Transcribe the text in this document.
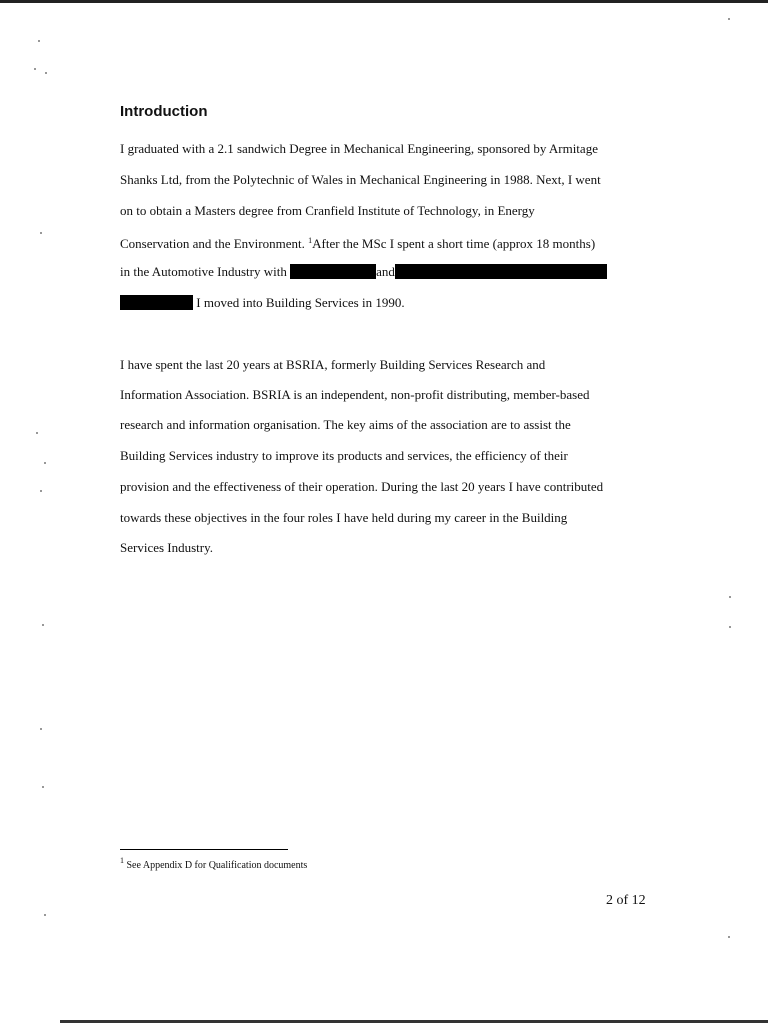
Introduction
I graduated with a 2.1 sandwich Degree in Mechanical Engineering, sponsored by Armitage
Shanks Ltd, from the Polytechnic of Wales in Mechanical Engineering in 1988. Next, I went
on to obtain a Masters degree from Cranfield Institute of Technology, in Energy
Conservation and the Environment. $^1$After the MSc I spent a short time (approx 18 months)
in the Automotive Industry with	and
I moved into Building Services in 1990.
I have spent the last 20 years at BSRIA, formerly Building Services Research and
Information Association. BSRIA is an independent, non-profit distributing, member-based
research and information organisation. The key aims of the association are to assist the
Building Services industry to improve its products and services, the efficiency of their
provision and the effectiveness of their operation. During the last 20 years I have contributed
towards these objectives in the four roles I have held during my career in the Building
Services Industry.
$^1$ See Appendix D for Qualification documents
2 of 12
